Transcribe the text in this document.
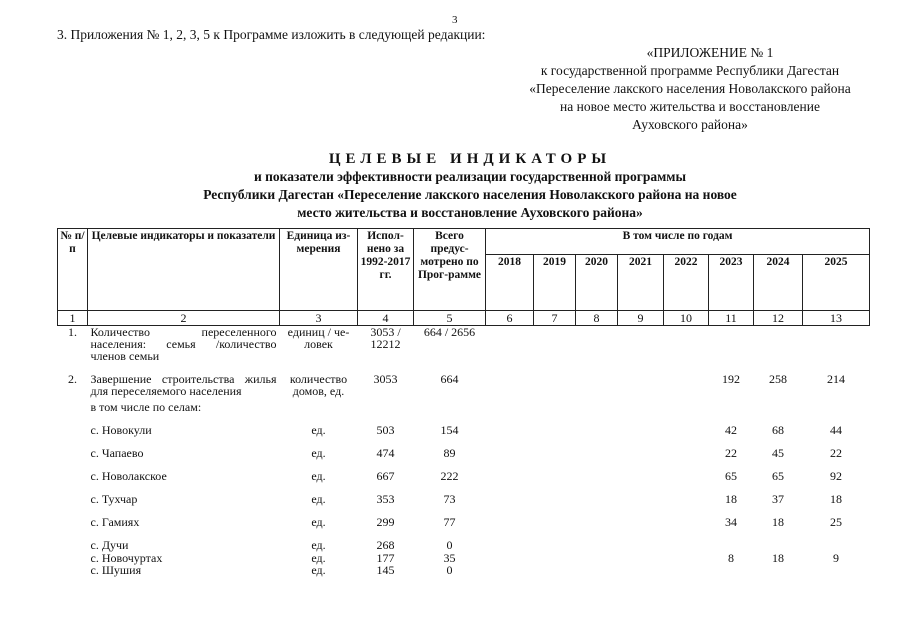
3
3. Приложения № 1, 2, 3, 5 к Программе изложить в следующей редакции:
«ПРИЛОЖЕНИЕ № 1
к государственной программе Республики Дагестан
«Переселение лакского населения Новолакского района
на новое место жительства и восстановление
Ауховского района»
ЦЕЛЕВЫЕ ИНДИКАТОРЫ
и показатели эффективности реализации государственной программы
Республики Дагестан «Переселение лакского населения Новолакского района на новое
место жительства и восстановление Ауховского района»
№ п/п	Целевые индикаторы и показатели	Единица из-мерения	Испол-нено за 1992-2017 гг.	Всего предус-мотрено по Прог-рамме	В том числе по годам							
					2018	2019	2020	2021	2022	2023	2024	2025
1	2	3	4	5	6	7	8	9	10	11	12	13
1.	Количество переселенного населения: семья /количество членов семьи	единиц / че-ловек	3053 / 12212	664 / 2656								
2.	Завершение строительства жилья для переселяемого населения	количество домов, ед.	3053	664						192	258	214
	в том числе по селам:											
	с. Новокули	ед.	503	154						42	68	44
	с. Чапаево	ед.	474	89						22	45	22
	с. Новолакское	ед.	667	222						65	65	92
	с. Тухчар	ед.	353	73						18	37	18
	с. Гамиях	ед.	299	77						34	18	25
	с. Дучи	ед.	268	0								
	с. Новочуртах	ед.	177	35						8	18	9
	с. Шушия	ед.	145	0								
